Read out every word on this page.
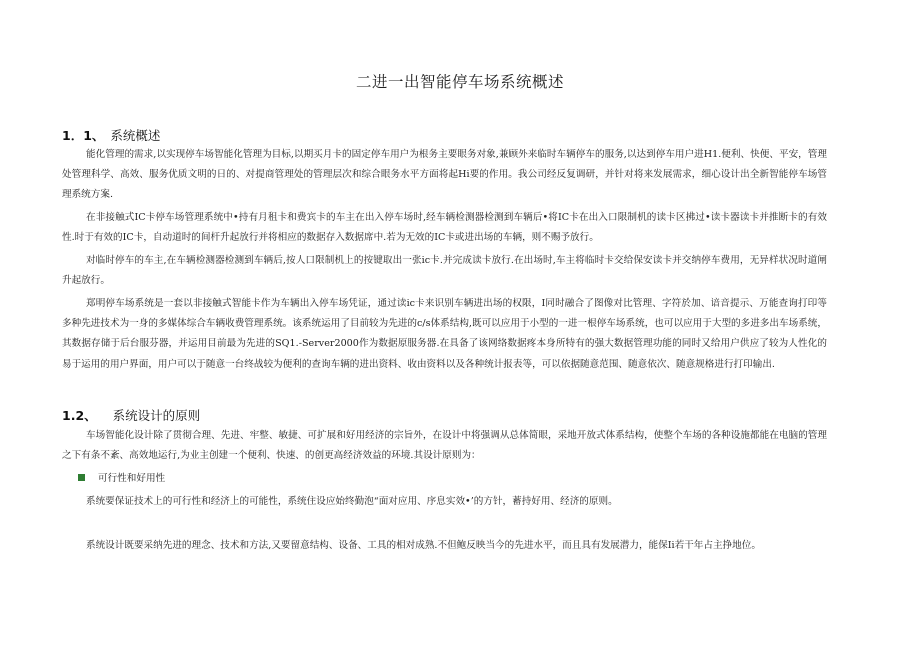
二进一出智能停车场系统概述
1．1、 系统概述

能化管理的需求,以实现停车场智能化管理为目标,以期买月卡的固定停车用户为根务主要眼务对象,兼顾外来临时车辆停车的服务,以达到停车用户进H1.便利、快便、平安，管理处管理科学、高效、服务优质文明的日的、对提商管理处的管理层次和综合眼务水平方面将起Hi要的作用。我公司经反复调研，并针对将来发展需求，细心设计出全新智能停车场管理系统方案.

在非接触式IC卡停车场管理系统中•持有月租卡和费宾卡的车主在出入停车场时,经车辆检测器检测到车辆后•将IC卡在出入口限制机的读卡区拂过•读卡器读卡并推断卡的有效性.时于有效的IC卡，自动道时的间杆升起放行并将相应的数据存入数据席中.若为无效的IC卡或进出场的车辆，则不赐予放行。

对临时停车的车主,在车辆检测器检测到车辆后,按人口限制机上的按键取出一张ic卡.并完成读卡放行.在出场时,车主将临时卡交给保安读卡并交纳停车费用，无异样状况时道闸升起放行。

郑明停车场系统是一套以非接触式智能卡作为车辆出入停车场凭证，通过读ic卡来识别车辆进出场的权限，I同时融合了图像对比管理、字符於加、谙音提示、万能查询打印等多种先进技术为一身的多媒体综合车辆收费管理系统。该系统运用了目前较为先进的c/s体系结构,既可以应用于小型的一进一根停车场系统，也可以应用于大型的多进多出车场系统，其数据存储于后台服芬器，并运用目前最为先进的SQ1.-Server2000作为数据原服务器.在具备了该网络数据疼本身所特有的强大数据管理功能的同时又给用户供应了较为人性化的易于运用的用户界面，用户可以于随意一台终战较为便利的查询车辆的进出资料、收由资料以及各种统计报表等，可以依据随意范围、随意依次、随意规格进行打印输出.

1.2、 系统设计的原则

车场智能化设计除了贯彻合理、先进、牢整、敏捷、可扩展和好用经济的宗旨外，在设计中将强调从总体简眼，采地开放式体系结构，使整个车场的各种设施都能在电脑的管理之下有条不紊、高效地运行,为业主创建一个便利、快速、的创更高经济效益的环境.其设计原则为：

可行性和好用性

系统要保证技术上的可行性和经济上的可能性，系统住设应始终勤泡“面对应用、序息实效•’的方针，蓄持好用、经济的原则。

系统设计既要采纳先进的理念、技术和方法,又要留意结构、设备、工具的相对成熟.不但鲍反映当今的先进水平，而且具有发展潜力，能保Ii若干年占主挣地位。
